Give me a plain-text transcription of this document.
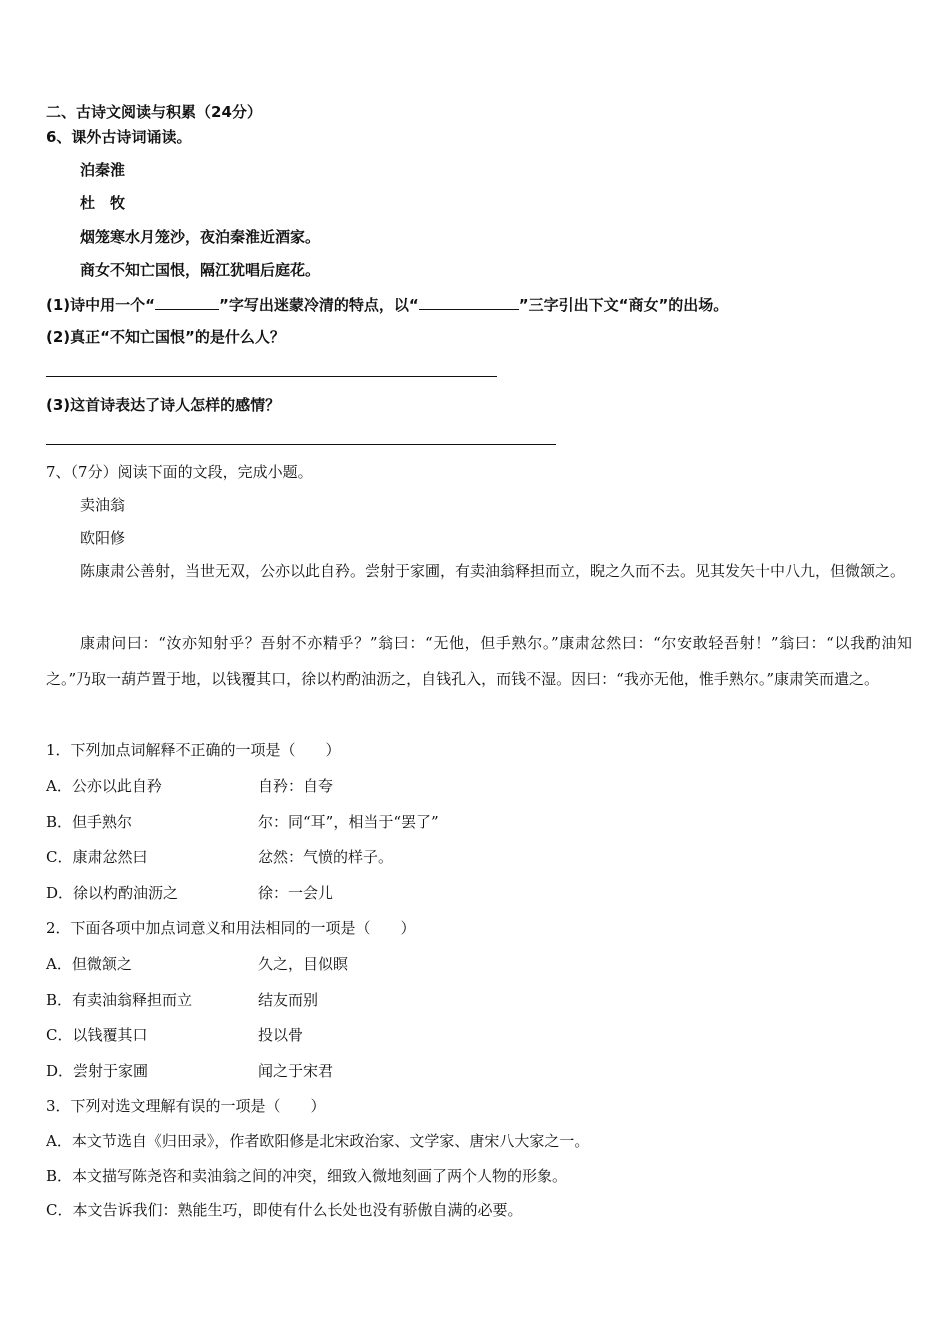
二、古诗文阅读与积累（24分）
6、课外古诗词诵读。
泊秦淮
杜　牧
烟笼寒水月笼沙，夜泊秦淮近酒家。
商女不知亡国恨，隔江犹唱后庭花。
(1)诗中用一个“	”字写出迷蒙冷清的特点，以“	”三字引出下文“商女”的出场。
(2)真正“不知亡国恨”的是什么人？
(3)这首诗表达了诗人怎样的感情？
7、（7分）阅读下面的文段，完成小题。
卖油翁
欧阳修
陈康肃公善射，当世无双，公亦以此自矜。尝射于家圃，有卖油翁释担而立，睨之久而不去。见其发矢十中八九，但微颔之。
康肃问曰：“汝亦知射乎？吾射不亦精乎？”翁曰：“无他，但手熟尔。”康肃忿然曰：“尔安敢轻吾射！”翁曰：“以我酌油知之。”乃取一葫芦置于地，以钱覆其口，徐以杓酌油沥之，自钱孔入，而钱不湿。因曰：“我亦无他，惟手熟尔。”康肃笑而遣之。
1．下列加点词解释不正确的一项是（　　）
A．公亦以此自矜	自矜：自夸
B．但手熟尔	尔：同“耳”，相当于“罢了”
C．康肃忿然曰	忿然：气愤的样子。
D．徐以杓酌油沥之	徐：一会儿
2．下面各项中加点词意义和用法相同的一项是（　　）
A．但微颔之	久之，目似瞑
B．有卖油翁释担而立	结友而别
C．以钱覆其口	投以骨
D．尝射于家圃	闻之于宋君
3．下列对选文理解有误的一项是（　　）
A．本文节选自《归田录》，作者欧阳修是北宋政治家、文学家、唐宋八大家之一。
B．本文描写陈尧咨和卖油翁之间的冲突，细致入微地刻画了两个人物的形象。
C．本文告诉我们：熟能生巧，即使有什么长处也没有骄傲自满的必要。
